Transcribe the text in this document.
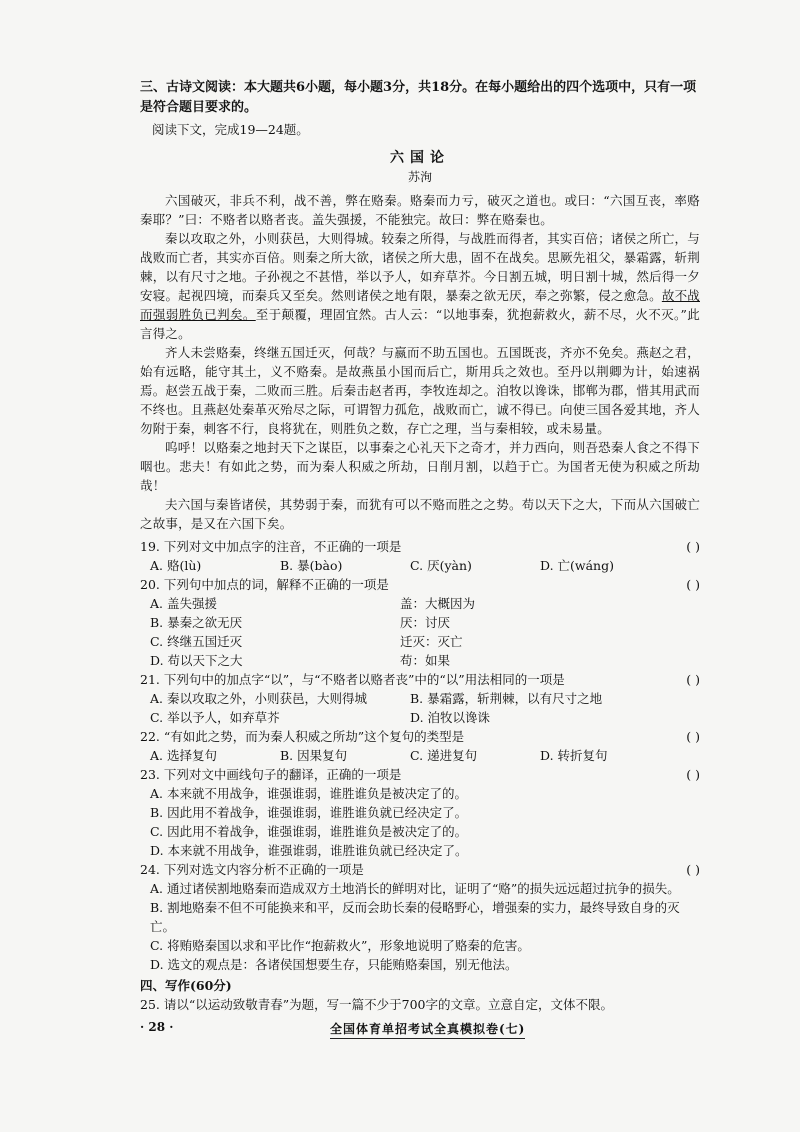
三、古诗文阅读：本大题共6小题，每小题3分，共18分。在每小题给出的四个选项中，只有一项是符合题目要求的。

阅读下文，完成19—24题。

六国论

苏洵

六国破灭，非兵不利，战不善，弊在赂秦。赂秦而力亏，破灭之道也。或曰：“六国互丧，率赂秦耶？”曰：不赂者以赂者丧。盖失强援，不能独完。故曰：弊在赂秦也。

秦以攻取之外，小则获邑，大则得城。较秦之所得，与战胜而得者，其实百倍；诸侯之所亡，与战败而亡者，其实亦百倍。则秦之所大欲，诸侯之所大患，固不在战矣。思厥先祖父，暴霜露，斩荆棘，以有尺寸之地。子孙视之不甚惜，举以予人，如弃草芥。今日割五城，明日割十城，然后得一夕安寝。起视四境，而秦兵又至矣。然则诸侯之地有限，暴秦之欲无厌，奉之弥繁，侵之愈急。故不战而强弱胜负已判矣。至于颠覆，理固宜然。古人云：“以地事秦，犹抱薪救火，薪不尽，火不灭。”此言得之。

齐人未尝赂秦，终继五国迁灭，何哉？与嬴而不助五国也。五国既丧，齐亦不免矣。燕赵之君，始有远略，能守其土，义不赂秦。是故燕虽小国而后亡，斯用兵之效也。至丹以荆卿为计，始速祸焉。赵尝五战于秦，二败而三胜。后秦击赵者再，李牧连却之。洎牧以谗诛，邯郸为郡，惜其用武而不终也。且燕赵处秦革灭殆尽之际，可谓智力孤危，战败而亡，诚不得已。向使三国各爱其地，齐人勿附于秦，刺客不行，良将犹在，则胜负之数，存亡之理，当与秦相较，或未易量。

呜呼！以赂秦之地封天下之谋臣，以事秦之心礼天下之奇才，并力西向，则吾恐秦人食之不得下咽也。悲夫！有如此之势，而为秦人积威之所劫，日削月割，以趋于亡。为国者无使为积威之所劫哉！

夫六国与秦皆诸侯，其势弱于秦，而犹有可以不赂而胜之之势。苟以天下之大，下而从六国破亡之故事，是又在六国下矣。

19. 下列对文中加点字的注音，不正确的一项是	( )

A. 赂(lù)	B. 暴(bào)	C. 厌(yàn)	D. 亡(wáng)

20. 下列句中加点的词，解释不正确的一项是	( )

A. 盖失强援	盖：大概因为
B. 暴秦之欲无厌	厌：讨厌
C. 终继五国迁灭	迁灭：灭亡
D. 苟以天下之大	苟：如果

21. 下列句中的加点字“以”，与“不赂者以赂者丧”中的“以”用法相同的一项是	( )

A. 秦以攻取之外，小则获邑，大则得城	B. 暴霜露，斩荆棘，以有尺寸之地
C. 举以予人，如弃草芥	D. 洎牧以谗诛

22. “有如此之势，而为秦人积威之所劫”这个复句的类型是	( )

A. 选择复句	B. 因果复句	C. 递进复句	D. 转折复句

23. 下列对文中画线句子的翻译，正确的一项是	( )

A. 本来就不用战争，谁强谁弱，谁胜谁负是被决定了的。

B. 因此用不着战争，谁强谁弱，谁胜谁负就已经决定了。

C. 因此用不着战争，谁强谁弱，谁胜谁负是被决定了的。

D. 本来就不用战争，谁强谁弱，谁胜谁负就已经决定了。

24. 下列对选文内容分析不正确的一项是	( )

A. 通过诸侯割地赂秦而造成双方土地消长的鲜明对比，证明了“赂”的损失远远超过抗争的损失。

B. 割地赂秦不但不可能换来和平，反而会助长秦的侵略野心，增强秦的实力，最终导致自身的灭亡。

C. 将贿赂秦国以求和平比作“抱薪救火”，形象地说明了赂秦的危害。

D. 选文的观点是：各诸侯国想要生存，只能贿赂秦国，别无他法。

四、写作(60分)

25. 请以“以运动致敬青春”为题，写一篇不少于700字的文章。立意自定，文体不限。

· 28 ·	全国体育单招考试全真模拟卷(七)
